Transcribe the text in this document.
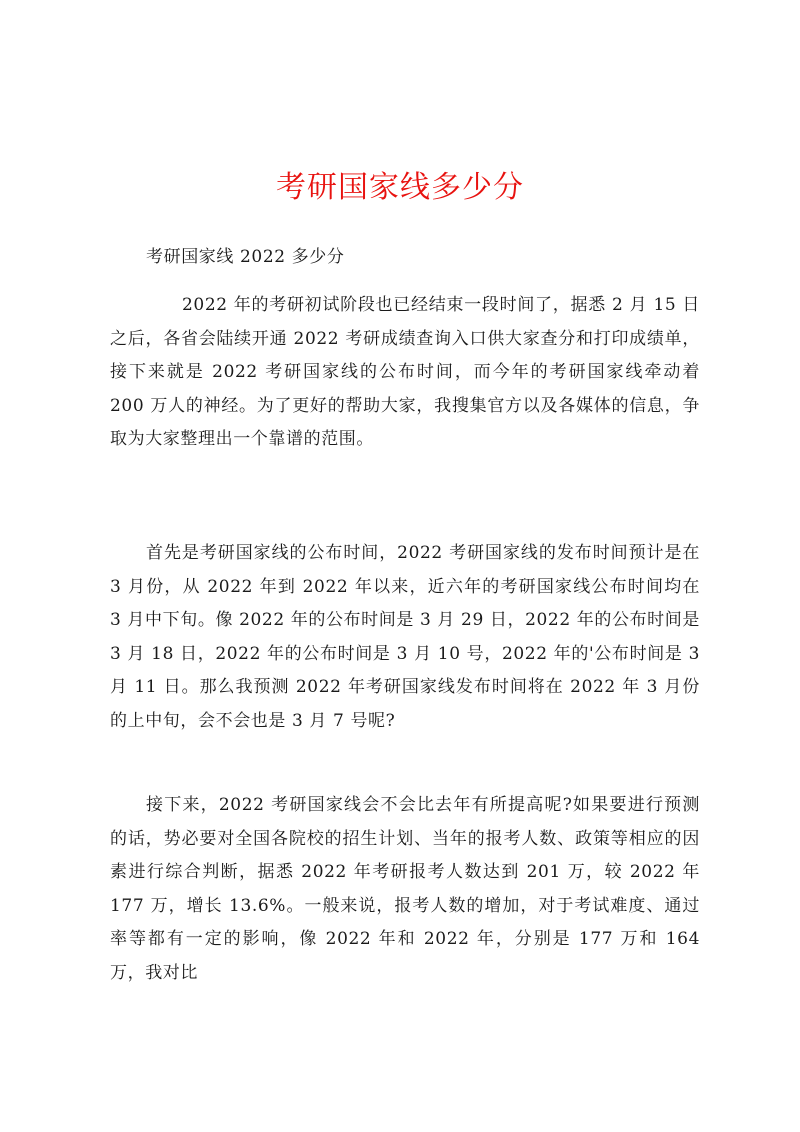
考研国家线多少分
考研国家线 2022 多少分

2022 年的考研初试阶段也已经结束一段时间了，据悉 2 月 15 日之后，各省会陆续开通 2022 考研成绩查询入口供大家查分和打印成绩单，接下来就是 2022 考研国家线的公布时间，而今年的考研国家线牵动着 200 万人的神经。为了更好的帮助大家，我搜集官方以及各媒体的信息，争取为大家整理出一个靠谱的范围。

首先是考研国家线的公布时间，2022 考研国家线的发布时间预计是在 3 月份，从 2022 年到 2022 年以来，近六年的考研国家线公布时间均在 3 月中下旬。像 2022 年的公布时间是 3 月 29 日，2022 年的公布时间是 3 月 18 日，2022 年的公布时间是 3 月 10 号，2022 年的'公布时间是 3 月 11 日。那么我预测 2022 年考研国家线发布时间将在 2022 年 3 月份的上中旬，会不会也是 3 月 7 号呢?

接下来，2022 考研国家线会不会比去年有所提高呢?如果要进行预测的话，势必要对全国各院校的招生计划、当年的报考人数、政策等相应的因素进行综合判断，据悉 2022 年考研报考人数达到 201 万，较 2022 年 177 万，增长 13.6%。一般来说，报考人数的增加，对于考试难度、通过率等都有一定的影响，像 2022 年和 2022 年，分别是 177 万和 164 万，我对比
